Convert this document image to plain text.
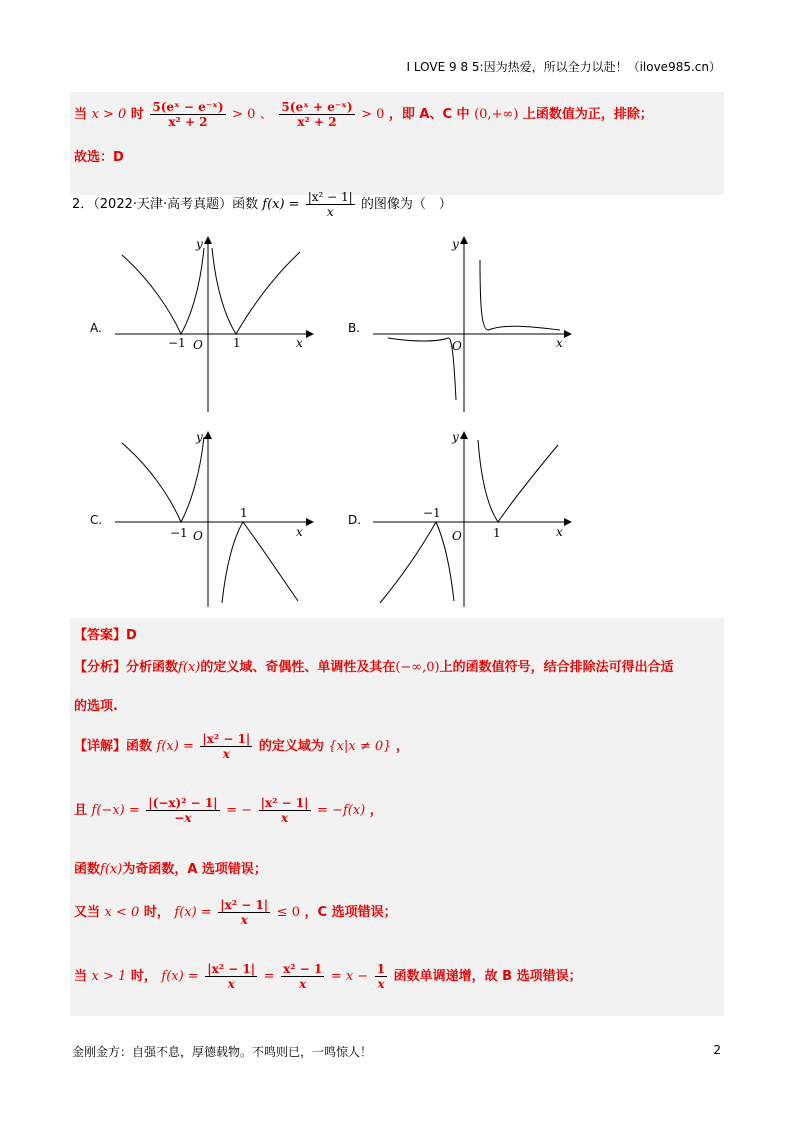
I LOVE 9 8 5:因为热爱，所以全力以赴！（ilove985.cn）
当 x > 0 时 $\frac{\text{5(eˣ − e⁻ˣ)}}{\text{x² + 2}} > 0$ 、 $\frac{\text{5(eˣ + e⁻ˣ)}}{\text{x² + 2}} > 0$ ，即 A、C 中 (0,+∞) 上函数值为正，排除；
故选：D
2．（2022·天津·高考真题）函数 $f(x) = \frac{\text{|x² − 1|}}{x}$ 的图像为（　）
A.	B.
C.	D.
y
x
O
−1	1
y
x
O
y
x
O
−1
1
y
x
O
−1
1
【答案】D
【分析】分析函数f(x)的定义域、奇偶性、单调性及其在(−∞,0)上的函数值符号，结合排除法可得出合适
的选项.
【详解】函数 $f(x) = \frac{\text{|x² − 1|}}{x}$ 的定义域为 {x|x ≠ 0} ，
且 $f(-x) = \frac{\text{|(−x)² − 1|}}{-x}$ = − $\frac{\text{|x² − 1|}}{x} = -f(x)$ ，
函数f(x)为奇函数，A 选项错误；
又当 x < 0 时， $f(x) = \frac{\text{|x² − 1|}}{x} \le 0$ ，C 选项错误；
当 x > 1 时， $f(x) = \frac{\text{|x² − 1|}}{x} = \frac{\text{x² − 1}}{x} = x - \frac{1}{x}$ 函数单调递增，故 B 选项错误；
金刚金方：自强不息，厚德载物。不鸣则已，一鸣惊人！	2
